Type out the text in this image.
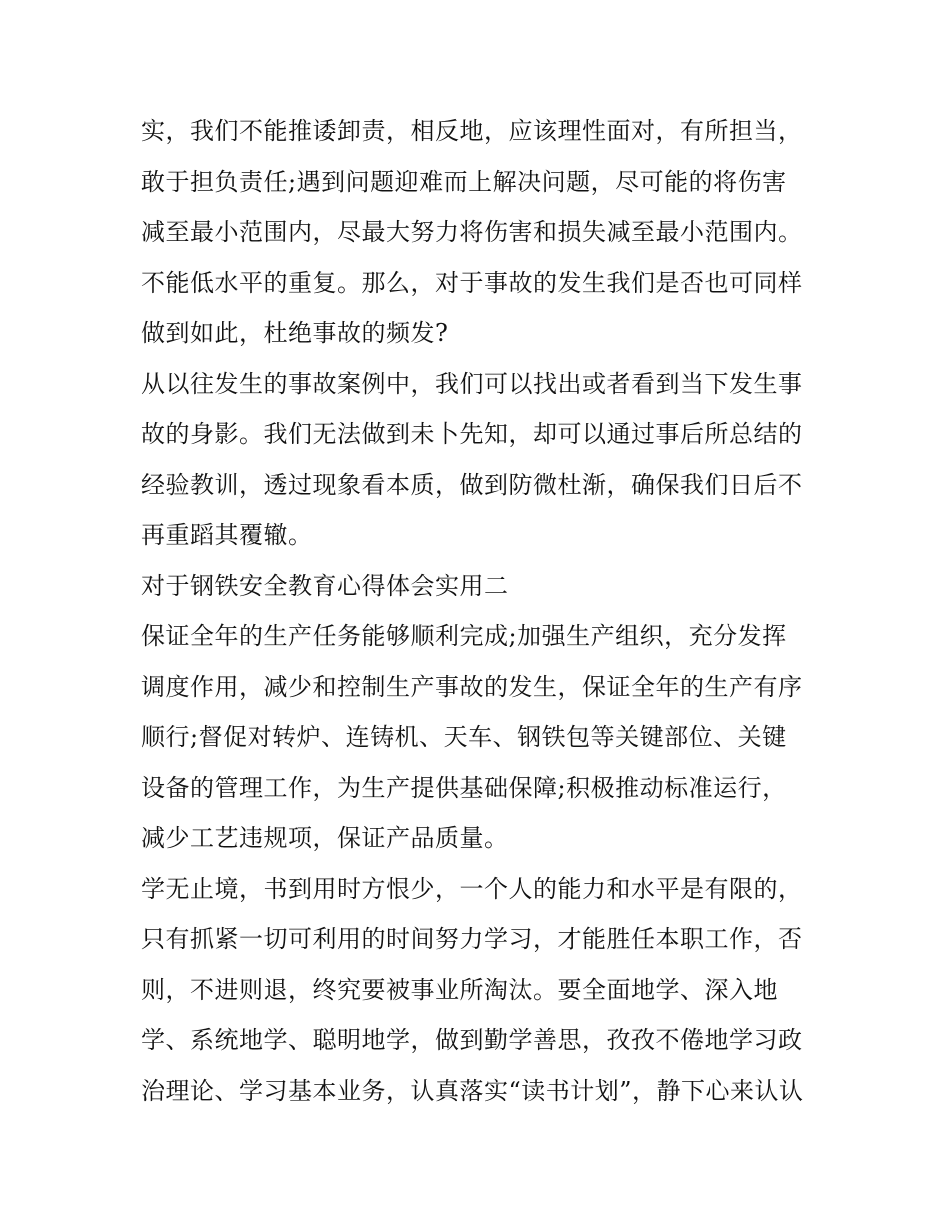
实，我们不能推诿卸责，相反地，应该理性面对，有所担当，
敢于担负责任;遇到问题迎难而上解决问题，尽可能的将伤害
减至最小范围内，尽最大努力将伤害和损失减至最小范围内。
不能低水平的重复。那么，对于事故的发生我们是否也可同样
做到如此，杜绝事故的频发?
从以往发生的事故案例中，我们可以找出或者看到当下发生事
故的身影。我们无法做到未卜先知，却可以通过事后所总结的
经验教训，透过现象看本质，做到防微杜渐，确保我们日后不
再重蹈其覆辙。
对于钢铁安全教育心得体会实用二
保证全年的生产任务能够顺利完成;加强生产组织，充分发挥
调度作用，减少和控制生产事故的发生，保证全年的生产有序
顺行;督促对转炉、连铸机、天车、钢铁包等关键部位、关键
设备的管理工作，为生产提供基础保障;积极推动标准运行，
减少工艺违规项，保证产品质量。
学无止境，书到用时方恨少，一个人的能力和水平是有限的，
只有抓紧一切可利用的时间努力学习，才能胜任本职工作，否
则，不进则退，终究要被事业所淘汰。要全面地学、深入地
学、系统地学、聪明地学，做到勤学善思，孜孜不倦地学习政
治理论、学习基本业务，认真落实“读书计划”，静下心来认认
